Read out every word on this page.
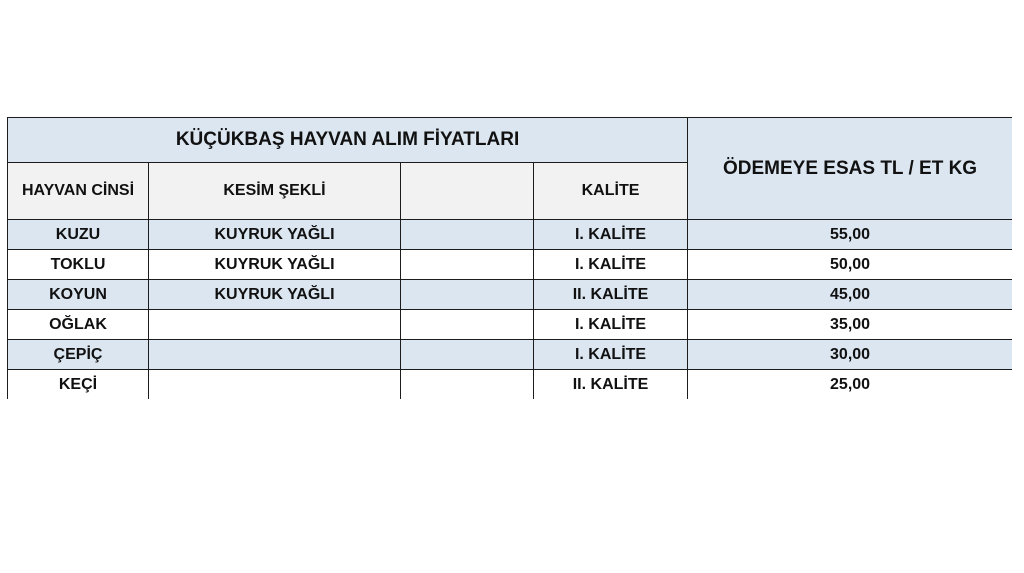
KÜÇÜKBAŞ HAYVAN ALIM FİYATLARI				ÖDEMEYE ESAS TL / ET KG
HAYVAN CİNSİ	KESİM ŞEKLİ		KALİTE	
KUZU	KUYRUK YAĞLI		I. KALİTE	55,00
TOKLU	KUYRUK YAĞLI		I. KALİTE	50,00
KOYUN	KUYRUK YAĞLI		II. KALİTE	45,00
OĞLAK			I. KALİTE	35,00
ÇEPİÇ			I. KALİTE	30,00
KEÇİ			II. KALİTE	25,00
